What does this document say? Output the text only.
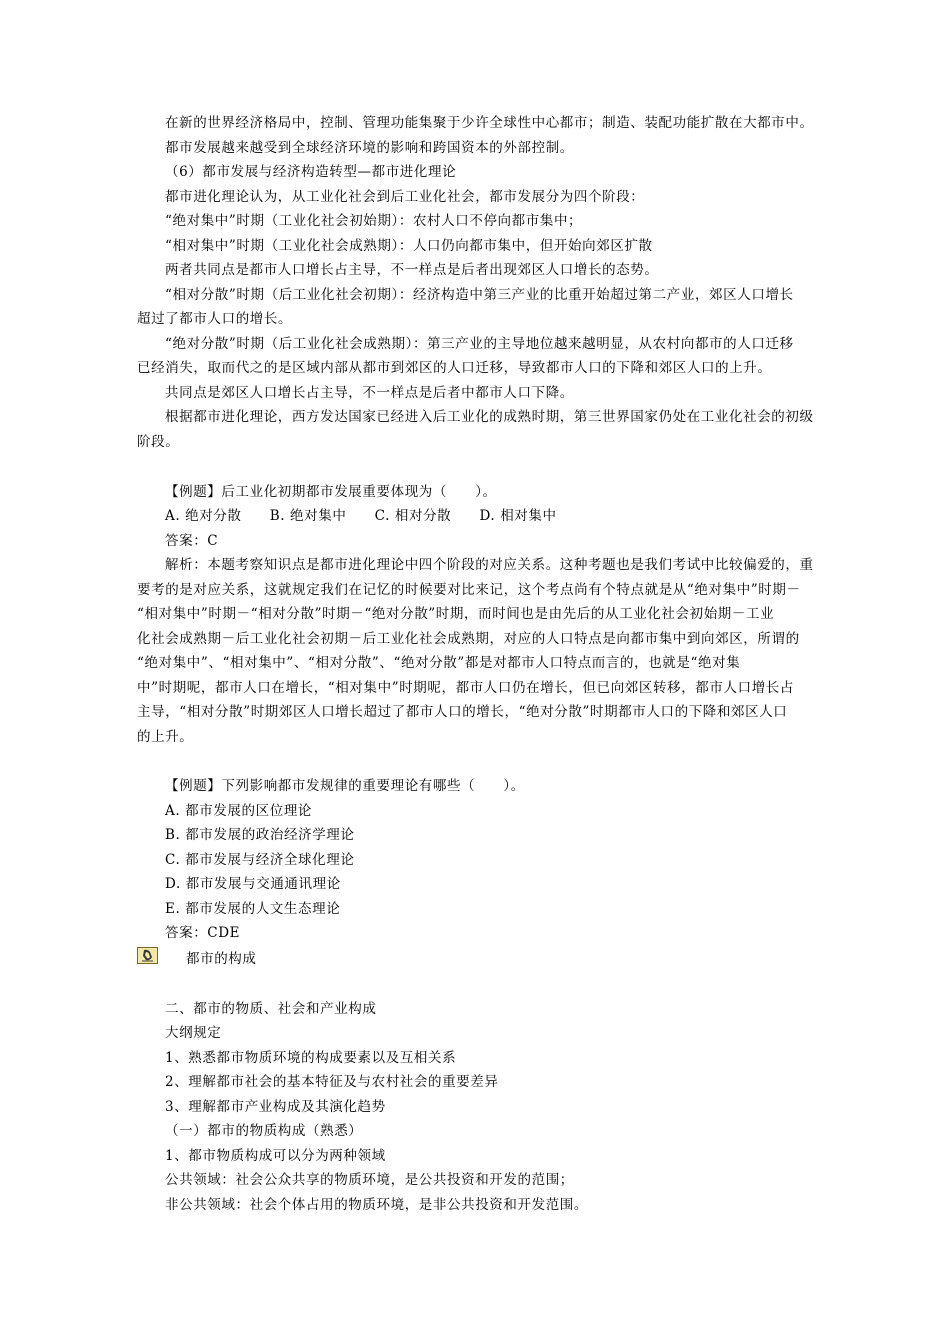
在新的世界经济格局中，控制、管理功能集聚于少许全球性中心都市；制造、装配功能扩散在大都市中。
都市发展越来越受到全球经济环境的影响和跨国资本的外部控制。
（6）都市发展与经济构造转型—都市进化理论
都市进化理论认为，从工业化社会到后工业化社会，都市发展分为四个阶段：
“绝对集中”时期（工业化社会初始期）：农村人口不停向都市集中；
“相对集中”时期（工业化社会成熟期）：人口仍向都市集中，但开始向郊区扩散
两者共同点是都市人口增长占主导，不一样点是后者出现郊区人口增长的态势。
“相对分散”时期（后工业化社会初期）：经济构造中第三产业的比重开始超过第二产业，郊区人口增长
超过了都市人口的增长。
“绝对分散”时期（后工业化社会成熟期）：第三产业的主导地位越来越明显，从农村向都市的人口迁移
已经消失，取而代之的是区域内部从都市到郊区的人口迁移，导致都市人口的下降和郊区人口的上升。
共同点是郊区人口增长占主导，不一样点是后者中都市人口下降。
根据都市进化理论，西方发达国家已经进入后工业化的成熟时期，第三世界国家仍处在工业化社会的初级
阶段。
【例题】后工业化初期都市发展重要体现为（　　）。
A. 绝对分散　　B. 绝对集中　　C. 相对分散　　D. 相对集中
答案：C
解析：本题考察知识点是都市进化理论中四个阶段的对应关系。这种考题也是我们考试中比较偏爱的，重
要考的是对应关系，这就规定我们在记忆的时候要对比来记，这个考点尚有个特点就是从“绝对集中”时期－
“相对集中”时期－“相对分散”时期－“绝对分散”时期，而时间也是由先后的从工业化社会初始期－工业
化社会成熟期－后工业化社会初期－后工业化社会成熟期，对应的人口特点是向都市集中到向郊区，所谓的
“绝对集中”、“相对集中”、“相对分散”、“绝对分散”都是对都市人口特点而言的，也就是“绝对集
中”时期呢，都市人口在增长，“相对集中”时期呢，都市人口仍在增长，但已向郊区转移，都市人口增长占
主导，“相对分散”时期郊区人口增长超过了都市人口的增长，“绝对分散”时期都市人口的下降和郊区人口
的上升。
【例题】下列影响都市发规律的重要理论有哪些（　　）。
A. 都市发展的区位理论
B. 都市发展的政治经济学理论
C. 都市发展与经济全球化理论
D. 都市发展与交通通讯理论
E. 都市发展的人文生态理论
答案：CDE
都市的构成
二、都市的物质、社会和产业构成
大纲规定
1、熟悉都市物质环境的构成要素以及互相关系
2、理解都市社会的基本特征及与农村社会的重要差异
3、理解都市产业构成及其演化趋势
（一）都市的物质构成（熟悉）
1、都市物质构成可以分为两种领域
公共领域：社会公众共享的物质环境，是公共投资和开发的范围；
非公共领域：社会个体占用的物质环境，是非公共投资和开发范围。
